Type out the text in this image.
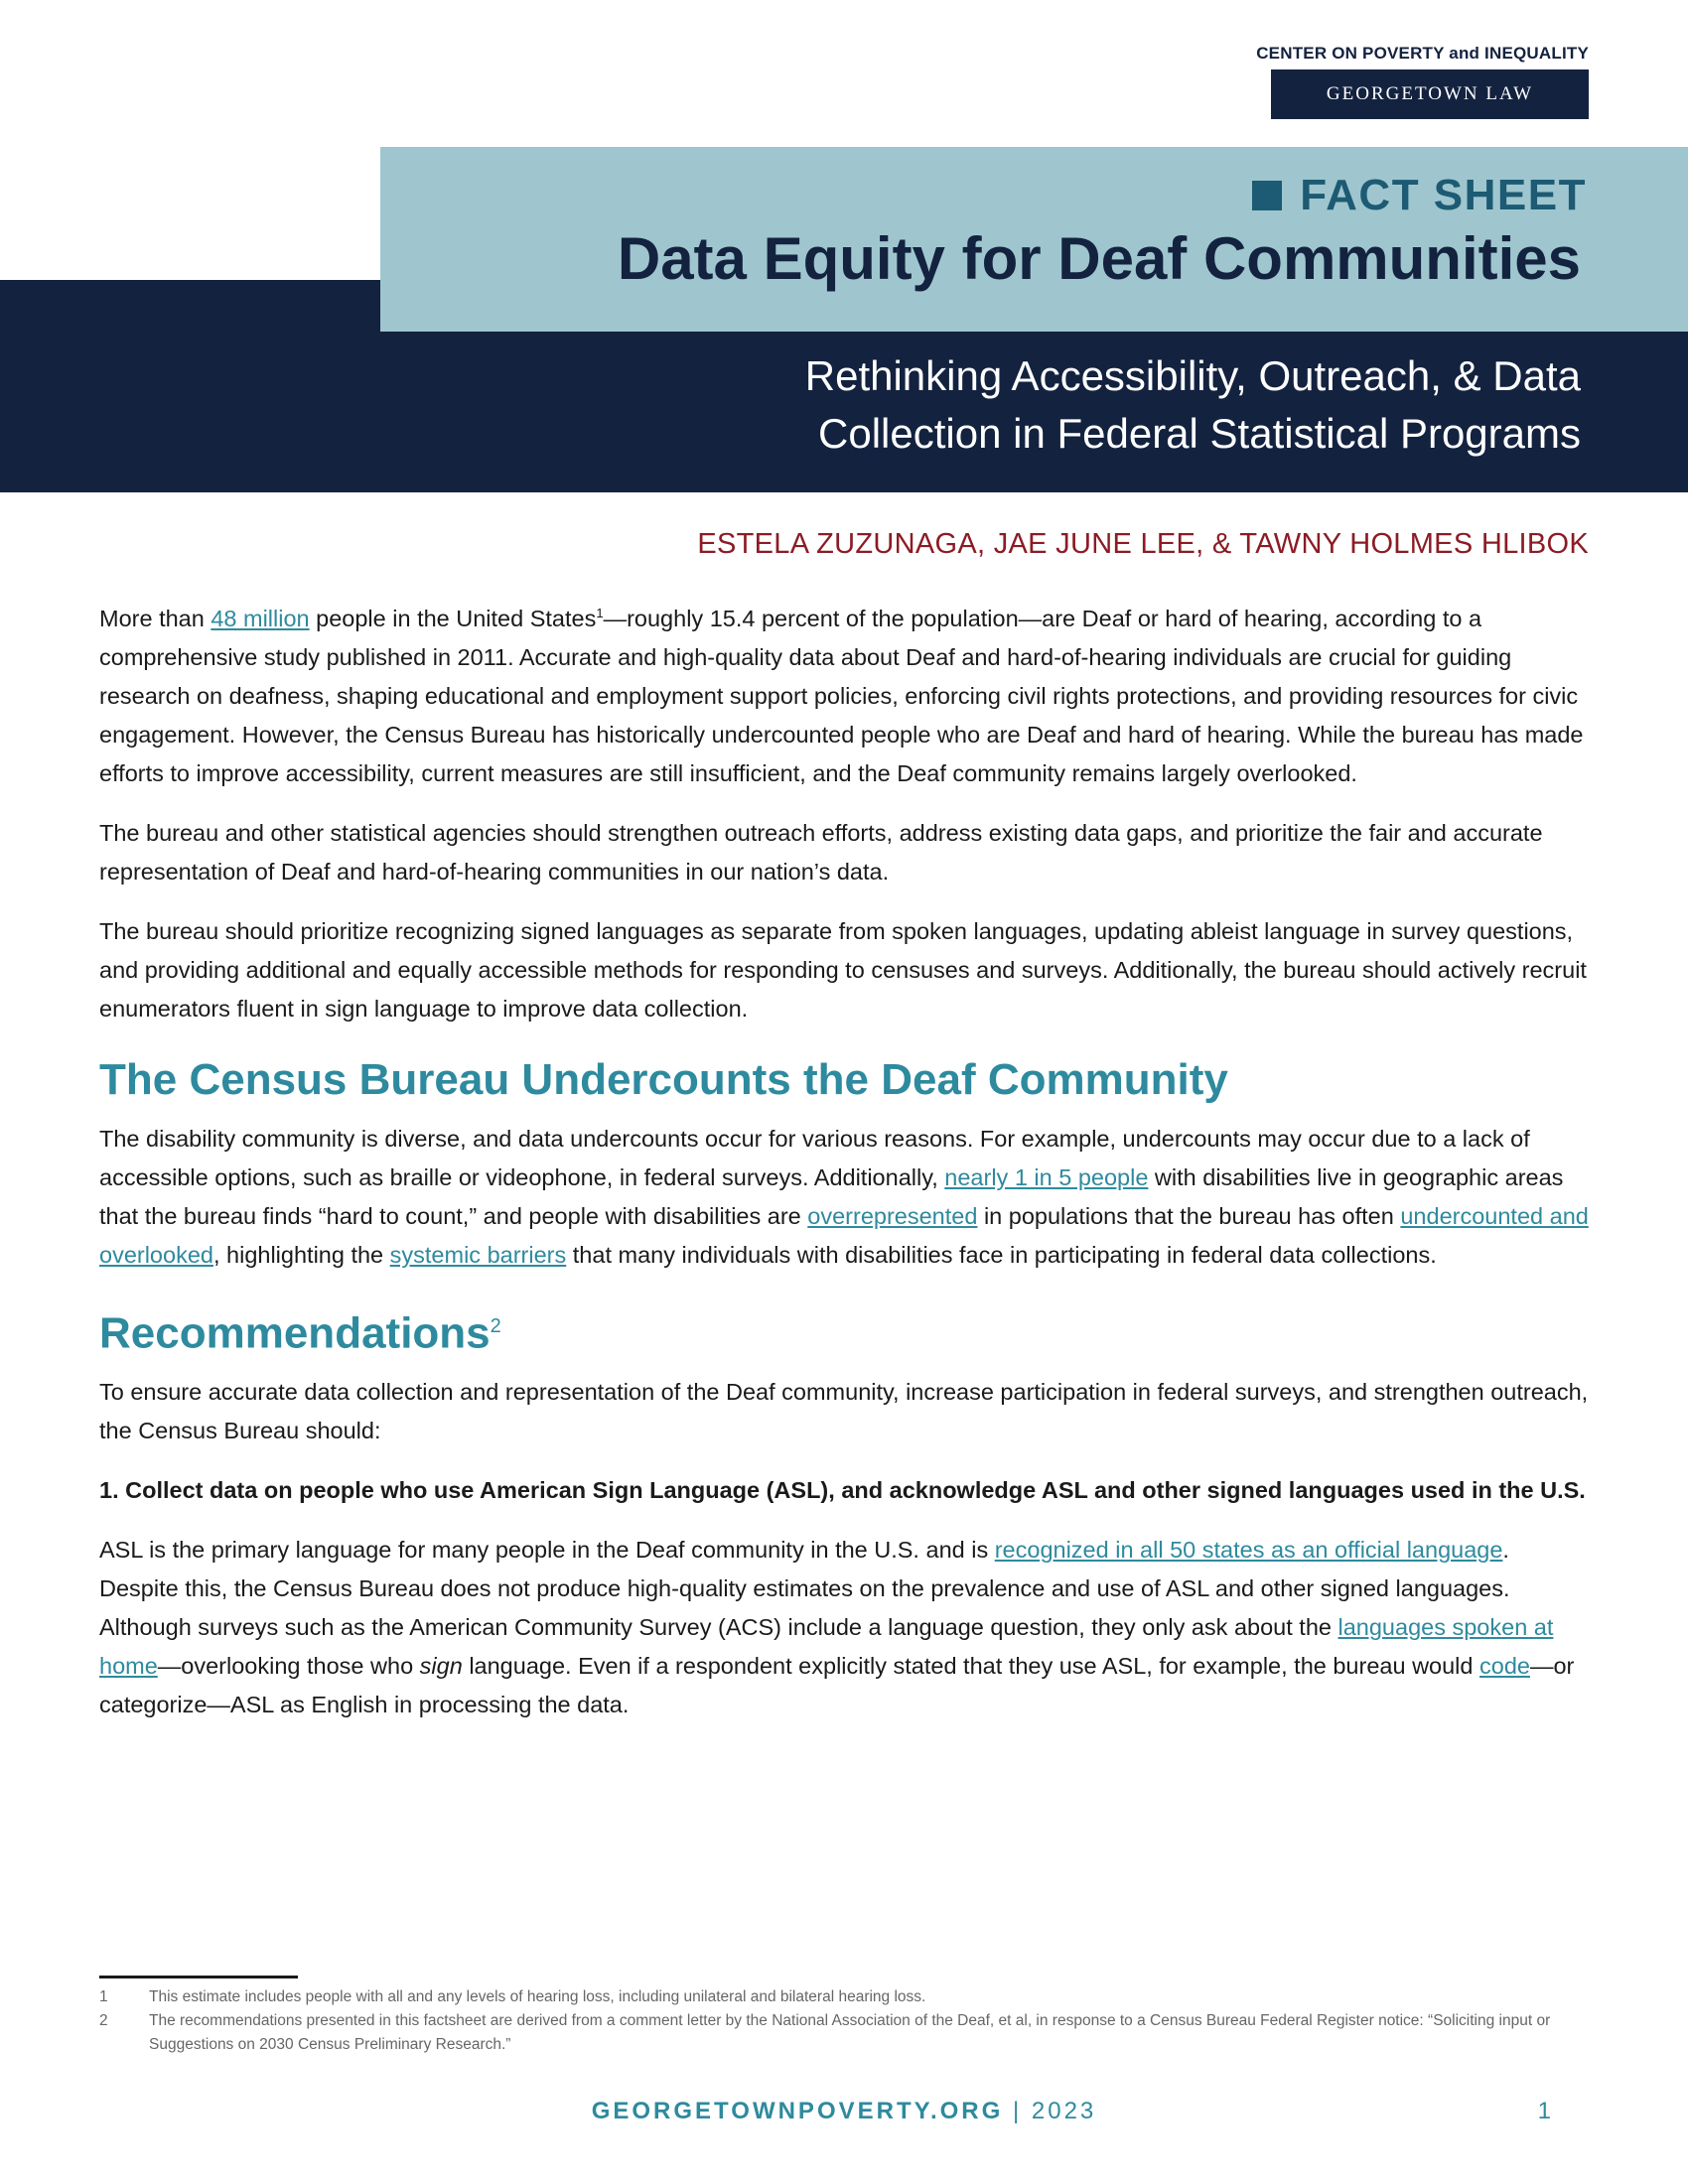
CENTER ON POVERTY and INEQUALITY
GEORGETOWN LAW
FACT SHEET
Data Equity for Deaf Communities
Rethinking Accessibility, Outreach, & Data
Collection in Federal Statistical Programs
ESTELA ZUZUNAGA, JAE JUNE LEE, & TAWNY HOLMES HLIBOK

More than 48 million people in the United States$^1$—roughly 15.4 percent of the population—are Deaf or hard of hearing, according to a comprehensive study published in 2011. Accurate and high-quality data about Deaf and hard-of-hearing individuals are crucial for guiding research on deafness, shaping educational and employment support policies, enforcing civil rights protections, and providing resources for civic engagement. However, the Census Bureau has historically undercounted people who are Deaf and hard of hearing. While the bureau has made efforts to improve accessibility, current measures are still insufficient, and the Deaf community remains largely overlooked.

The bureau and other statistical agencies should strengthen outreach efforts, address existing data gaps, and prioritize the fair and accurate representation of Deaf and hard-of-hearing communities in our nation’s data.

The bureau should prioritize recognizing signed languages as separate from spoken languages, updating ableist language in survey questions, and providing additional and equally accessible methods for responding to censuses and surveys. Additionally, the bureau should actively recruit enumerators fluent in sign language to improve data collection.

The Census Bureau Undercounts the Deaf Community

The disability community is diverse, and data undercounts occur for various reasons. For example, undercounts may occur due to a lack of accessible options, such as braille or videophone, in federal surveys. Additionally, nearly 1 in 5 people with disabilities live in geographic areas that the bureau finds “hard to count,” and people with disabilities are overrepresented in populations that the bureau has often undercounted and overlooked, highlighting the systemic barriers that many individuals with disabilities face in participating in federal data collections.

Recommendations$^2$

To ensure accurate data collection and representation of the Deaf community, increase participation in federal surveys, and strengthen outreach, the Census Bureau should:

1. Collect data on people who use American Sign Language (ASL), and acknowledge ASL and other signed languages used in the U.S.

ASL is the primary language for many people in the Deaf community in the U.S. and is recognized in all 50 states as an official language. Despite this, the Census Bureau does not produce high-quality estimates on the prevalence and use of ASL and other signed languages. Although surveys such as the American Community Survey (ACS) include a language question, they only ask about the languages spoken at home—overlooking those who sign language. Even if a respondent explicitly stated that they use ASL, for example, the bureau would code—or categorize—ASL as English in processing the data.

1	This estimate includes people with all and any levels of hearing loss, including unilateral and bilateral hearing loss.
2	The recommendations presented in this factsheet are derived from a comment letter by the National Association of the Deaf, et al, in response to a Census Bureau Federal Register notice: “Soliciting input or Suggestions on 2030 Census Preliminary Research.”
GEORGETOWNPOVERTY.ORG | 2023	1
